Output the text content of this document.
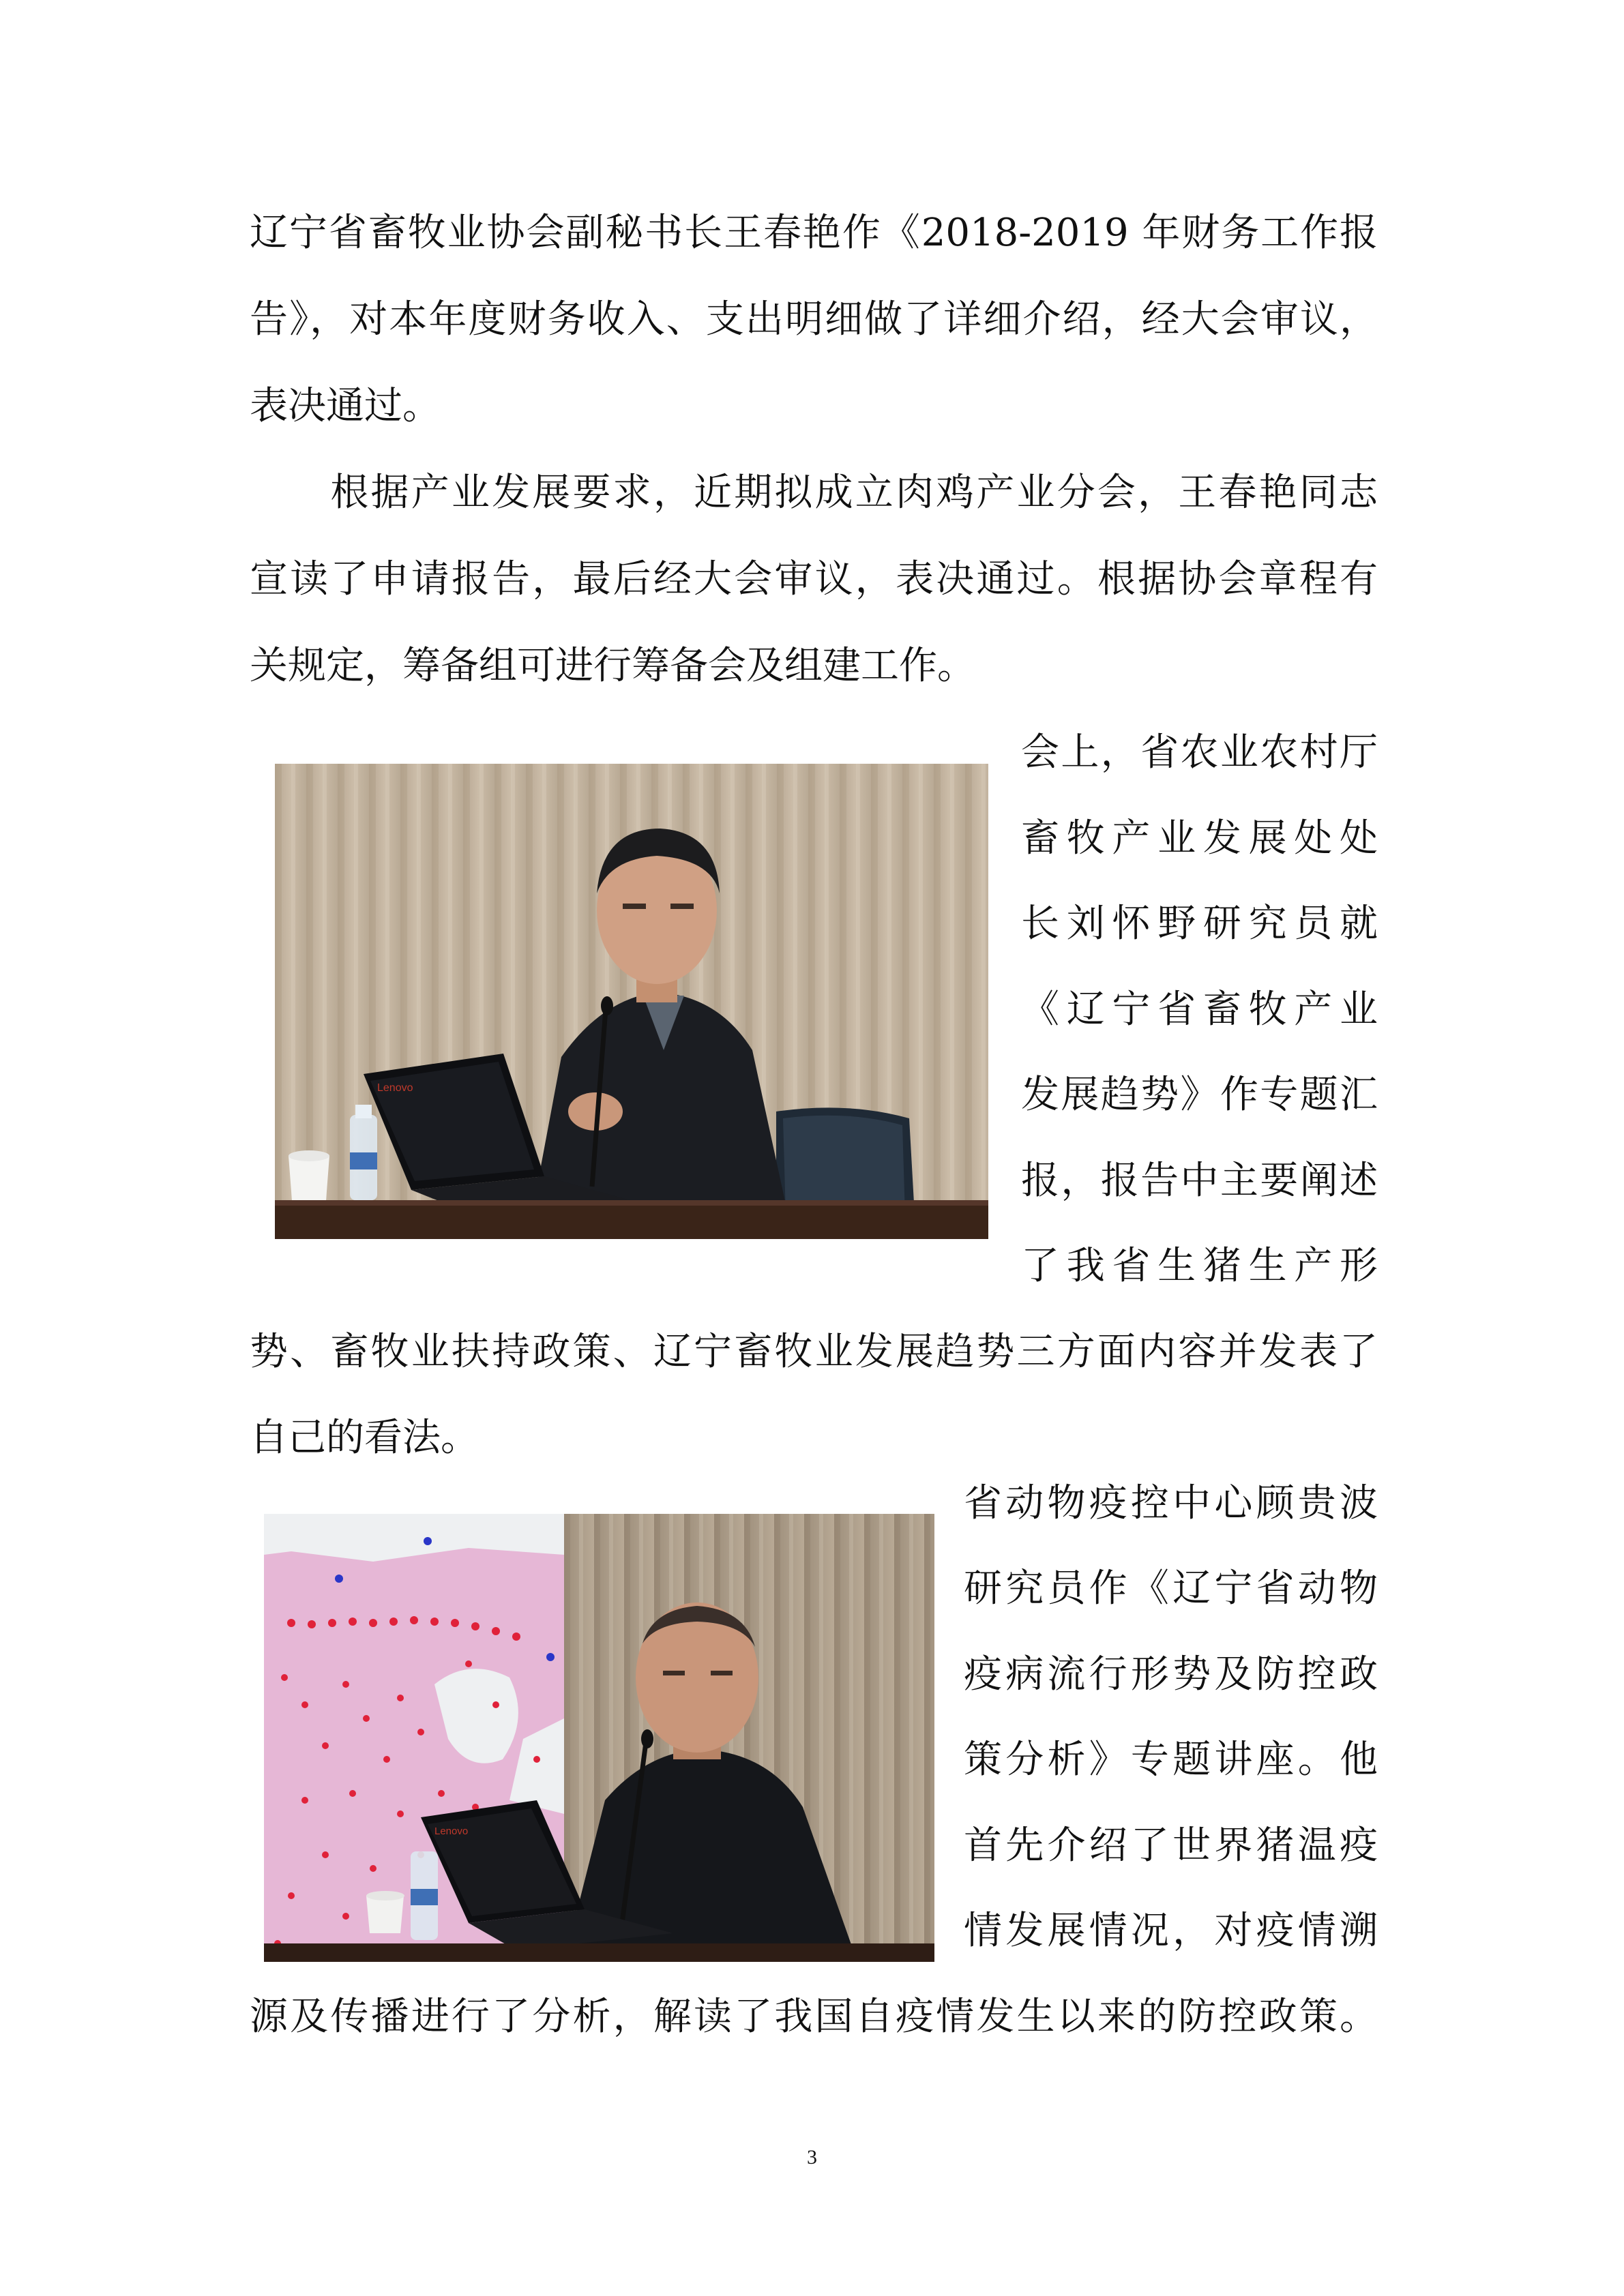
辽宁省畜牧业协会副秘书长王春艳作《2018-2019 年财务工作报
告》，对本年度财务收入、支出明细做了详细介绍，经大会审议，
表决通过。
　　根据产业发展要求，近期拟成立肉鸡产业分会，王春艳同志
宣读了申请报告，最后经大会审议，表决通过。根据协会章程有
关规定，筹备组可进行筹备会及组建工作。
Lenovo
会上，省农业农村厅
畜牧产业发展处处
长刘怀野研究员就
《辽宁省畜牧产业
发展趋势》作专题汇
报，报告中主要阐述
了我省生猪生产形
势、畜牧业扶持政策、辽宁畜牧业发展趋势三方面内容并发表了
自己的看法。
Lenovo
省动物疫控中心顾贵波
研究员作《辽宁省动物
疫病流行形势及防控政
策分析》专题讲座。他
首先介绍了世界猪温疫
情发展情况，对疫情溯
源及传播进行了分析，解读了我国自疫情发生以来的防控政策。
3
